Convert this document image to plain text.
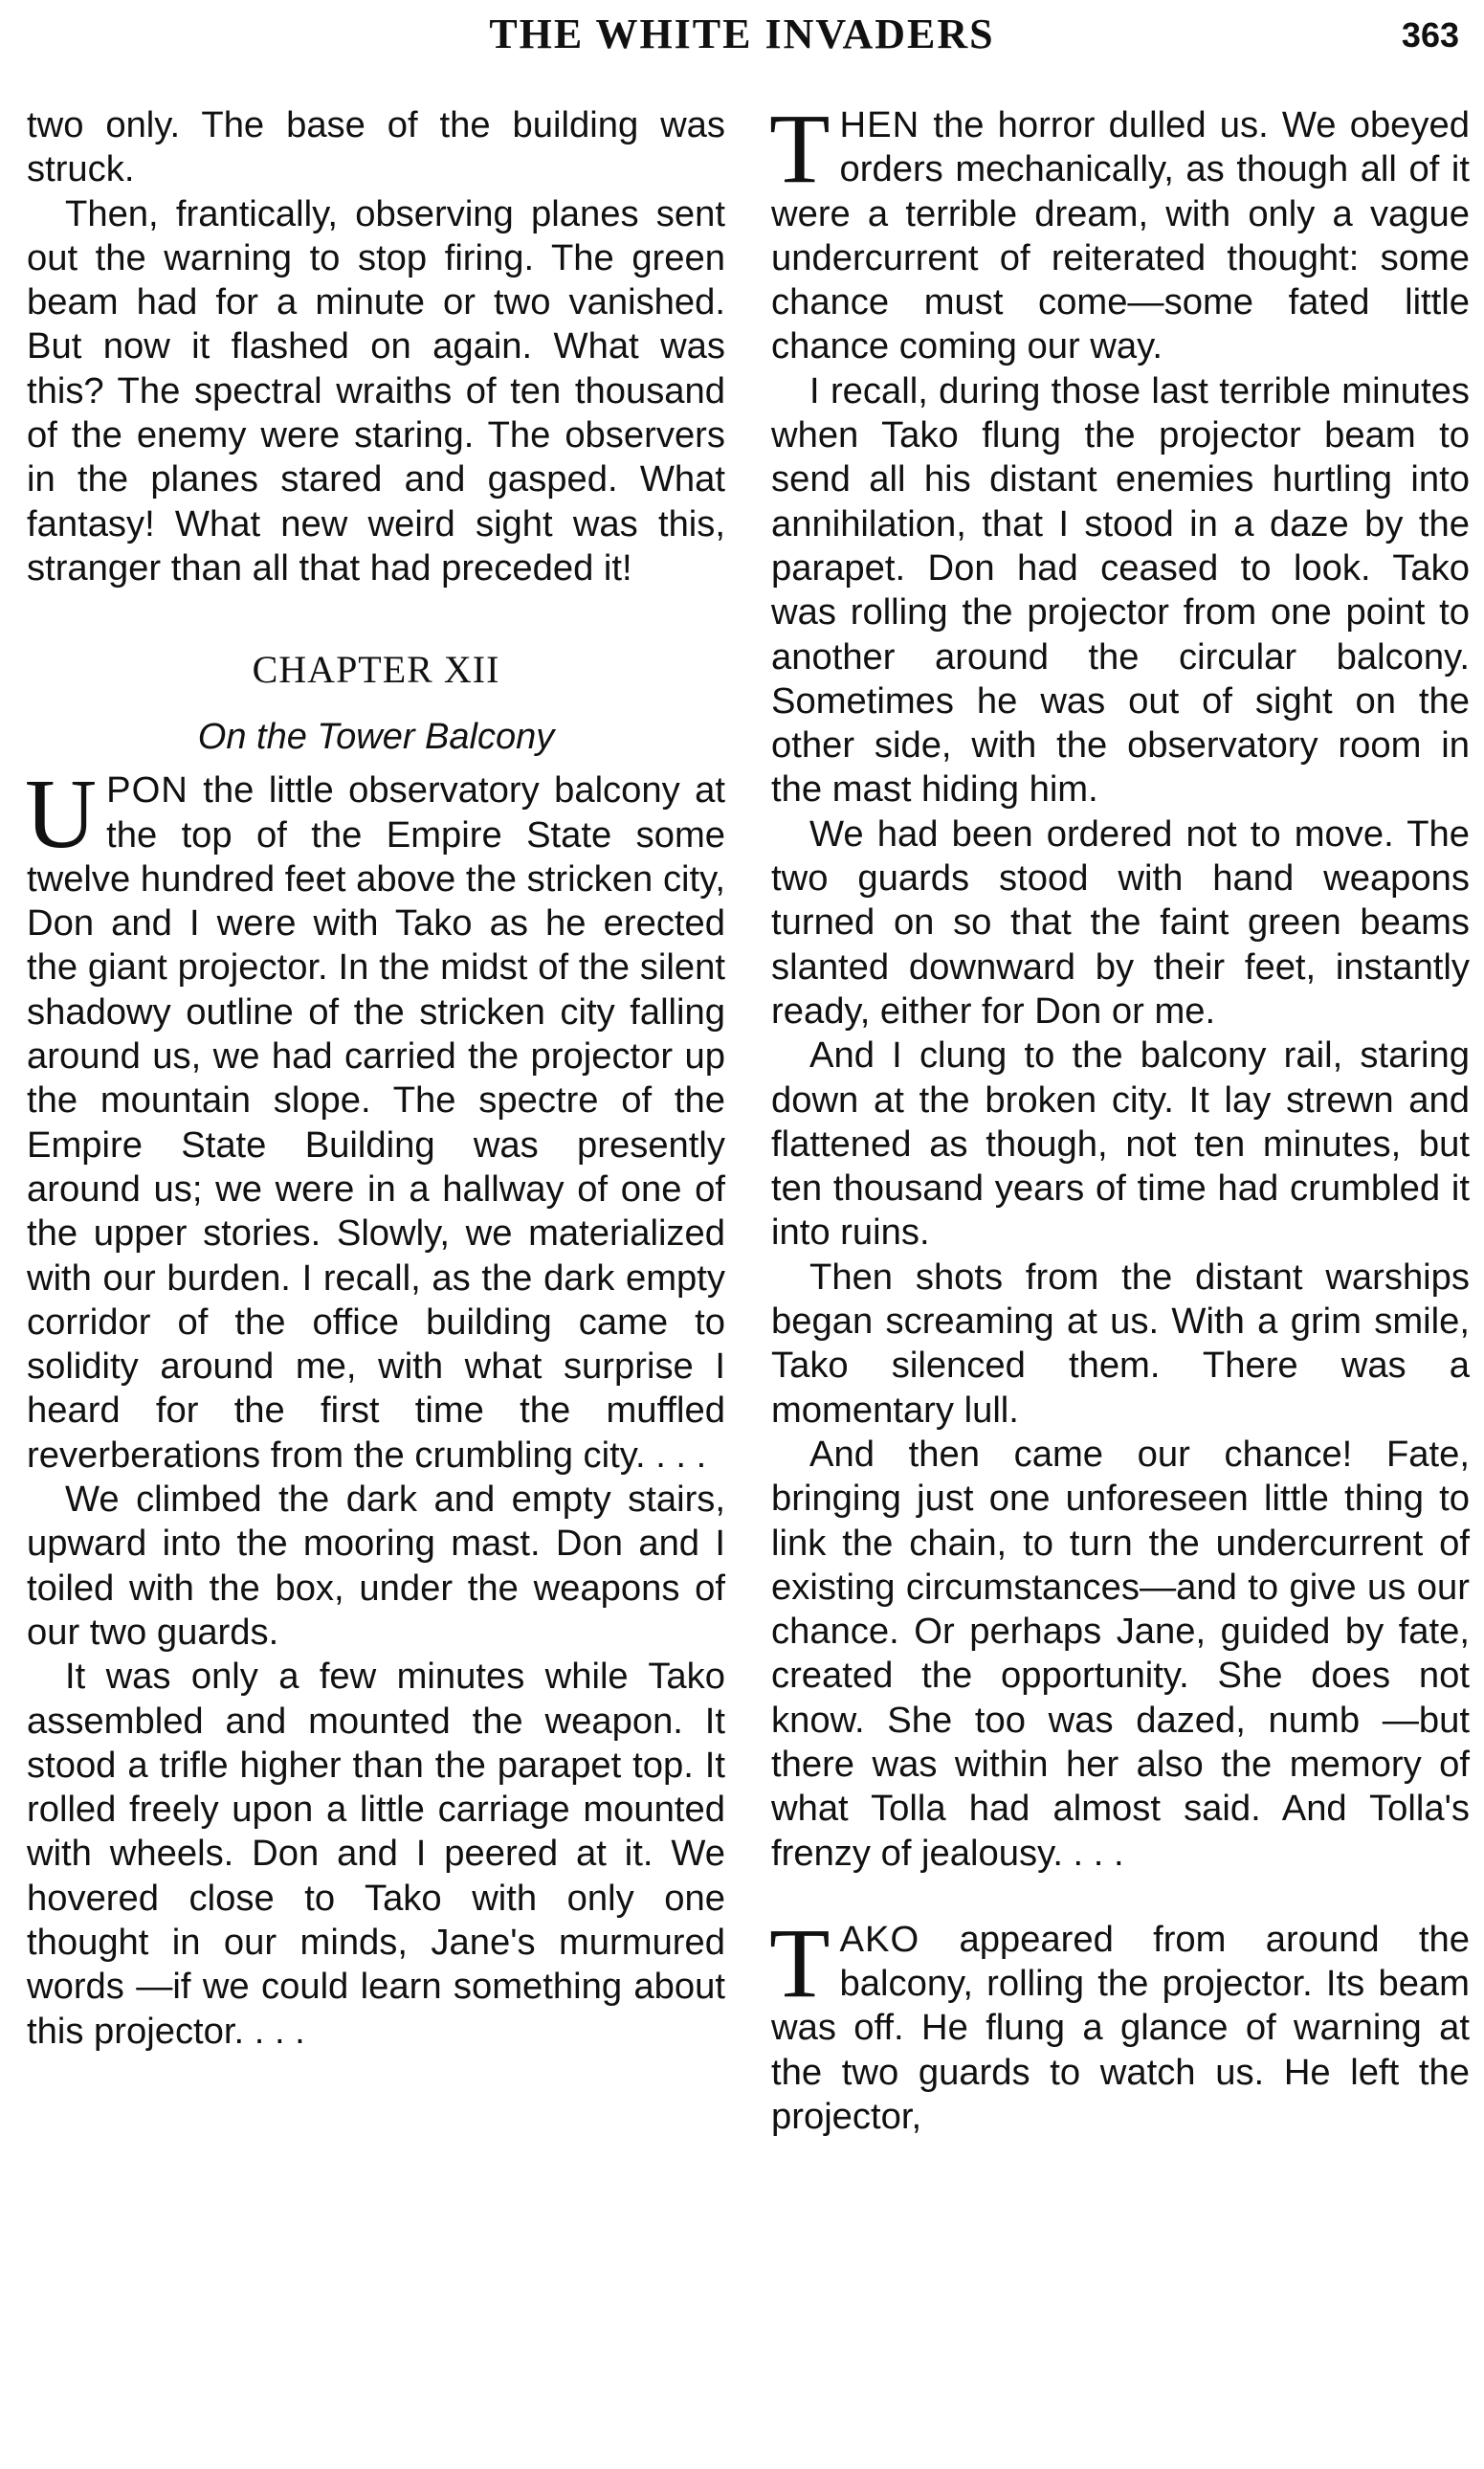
THE WHITE INVADERS	363

two only. The base of the building was struck.

Then, frantically, observing planes sent out the warning to stop firing. The green beam had for a minute or two vanished. But now it flashed on again. What was this? The spectral wraiths of ten thousand of the enemy were staring. The observers in the planes stared and gasped. What fantasy! What new weird sight was this, stranger than all that had preceded it!

CHAPTER XII
On the Tower Balcony

UPON the little observatory balcony at the top of the Empire State some twelve hundred feet above the stricken city, Don and I were with Tako as he erected the giant projector. In the midst of the silent shadowy outline of the stricken city falling around us, we had carried the projector up the mountain slope. The spectre of the Empire State Building was presently around us; we were in a hallway of one of the upper stories. Slowly, we materialized with our burden. I recall, as the dark empty corridor of the office building came to solidity around me, with what surprise I heard for the first time the muffled reverberations from the crumbling city. . . .

We climbed the dark and empty stairs, upward into the mooring mast. Don and I toiled with the box, under the weapons of our two guards.

It was only a few minutes while Tako assembled and mounted the weapon. It stood a trifle higher than the parapet top. It rolled freely upon a little carriage mounted with wheels. Don and I peered at it. We hovered close to Tako with only one thought in our minds, Jane's murmured words —if we could learn something about this projector. . . .

THEN the horror dulled us. We obeyed orders mechanically, as though all of it were a terrible dream, with only a vague undercurrent of reiterated thought: some chance must come—some fated little chance coming our way.

I recall, during those last terrible minutes when Tako flung the projector beam to send all his distant enemies hurtling into annihilation, that I stood in a daze by the parapet. Don had ceased to look. Tako was rolling the projector from one point to another around the circular balcony. Sometimes he was out of sight on the other side, with the observatory room in the mast hiding him.

We had been ordered not to move. The two guards stood with hand weapons turned on so that the faint green beams slanted downward by their feet, instantly ready, either for Don or me.

And I clung to the balcony rail, staring down at the broken city. It lay strewn and flattened as though, not ten minutes, but ten thousand years of time had crumbled it into ruins.

Then shots from the distant warships began screaming at us. With a grim smile, Tako silenced them. There was a momentary lull.

And then came our chance! Fate, bringing just one unforeseen little thing to link the chain, to turn the undercurrent of existing circumstances—and to give us our chance. Or perhaps Jane, guided by fate, created the opportunity. She does not know. She too was dazed, numb —but there was within her also the memory of what Tolla had almost said. And Tolla's frenzy of jealousy. . . .

TAKO appeared from around the balcony, rolling the projector. Its beam was off. He flung a glance of warning at the two guards to watch us. He left the projector,
